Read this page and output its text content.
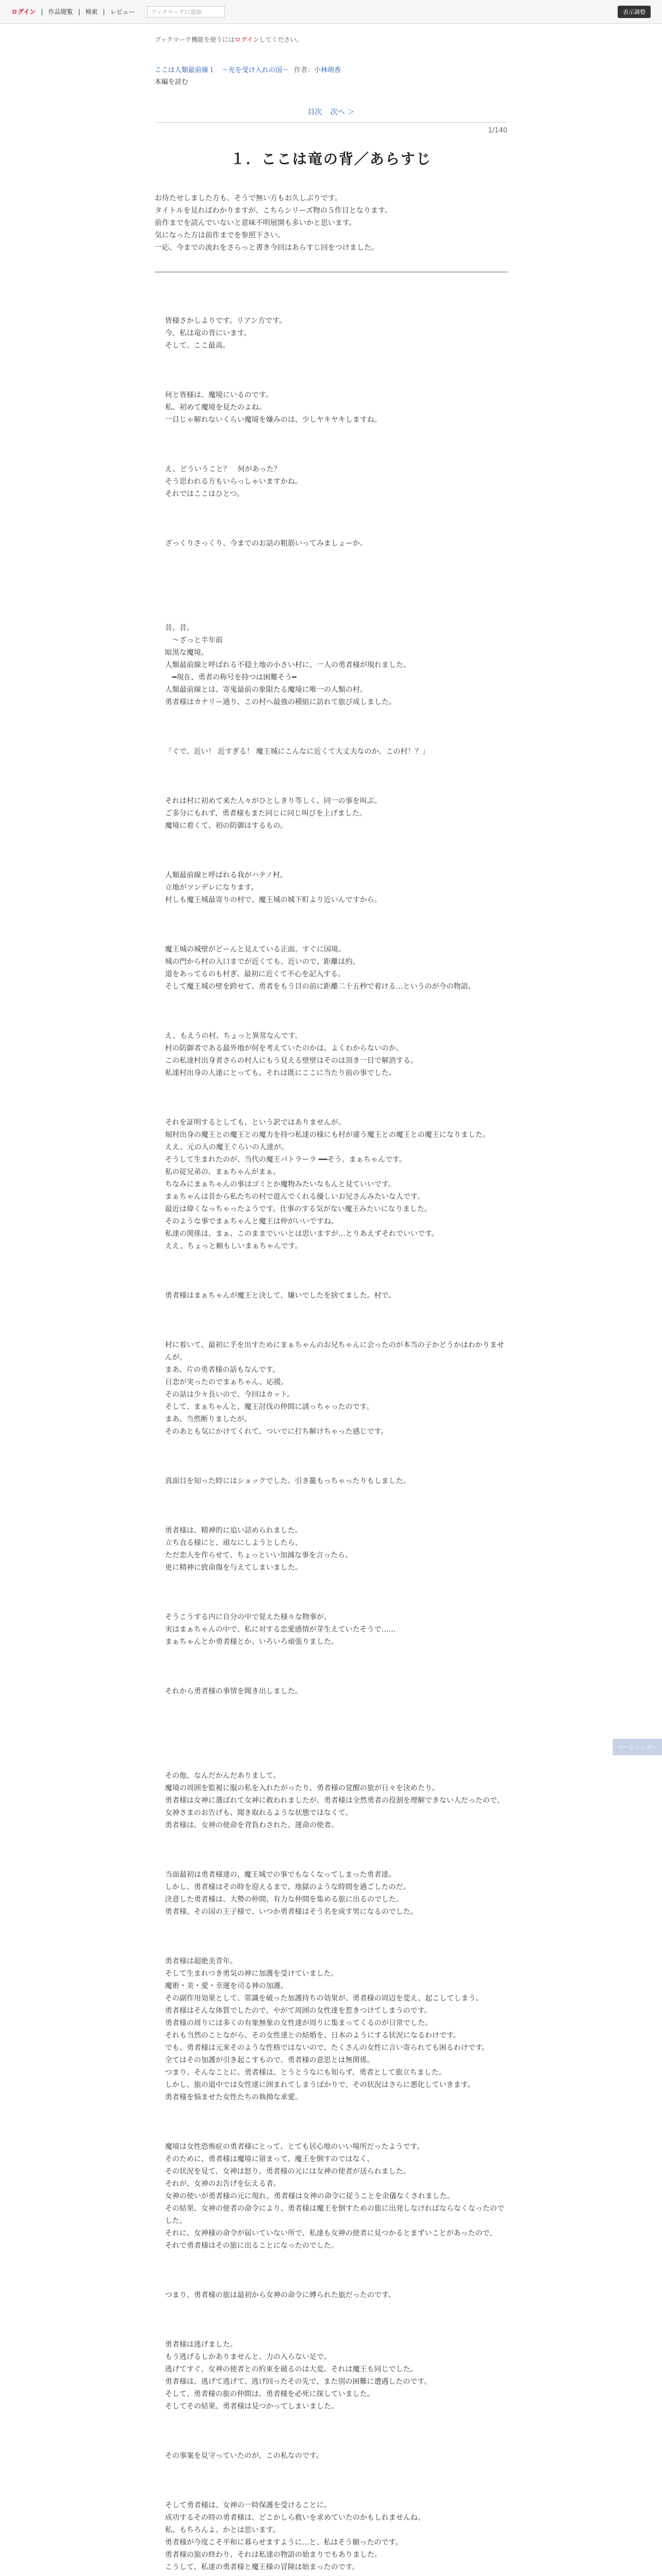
ログイン | 作品閲覧 | 検索 | レビュー	ブックマークに追加	表示調整
ブックマーク機能を使うにはログインしてください。
ここは人類最前線１　～光を受け入れの国～ 作者：小林萌香
本編を読む
目次 次へ ＞
1/140
１．ここは竜の背／あらすじ
お待たせしました方も、そうで無い方もお久しぶりです。
タイトルを見ればわかりますが、こちらシリーズ物の５作目となります。
前作までを読んでいないと意味不明展開も多いかと思います。
気になった方は前作までを参照下さい。
一応、今までの流れをさらっと書き今回はあらすじ回をつけました。

皆様さかしよりです。リアン方です。
今、私は竜の背にいます。
そして、ここ最高。

何と皆様は、魔境にいるのです。
私、初めて魔境を見たのよね。
一目じゃ解れないくらい魔境を嫌みのは、少しヤキヤキしますね。

え、どういうこと？　何があった？
そう思われる方もいらっしゃいますかね。
それではここはひとつ。

ざっくりさっくり、今までのお話の粗筋いってみましょーか。

昔、昔。
　～ざっと半年前
暗黒な魔境。
人類最前線と呼ばれる不穏土地の小さい村に、一人の勇者様が現れました。
　━現在、勇者の称号を持つは困難そう━
人類最前線とは、寄鬼最前の象限たる魔境に唯一の人類の村。
勇者様はカナリー通り、この村へ最強の種組に訪れて旅び成しました。

「ぐで、近い！ 近すぎる！ 魔王城にこんなに近くて大丈夫なのか、この村！？」

それは村に初めて来た人々がひとしきり等しく、同一の事を叫ぶ。
ご多分にもれず、勇者様もまた同じに同じ叫びを上げました。
魔境に着くて、初の防御はするもの。

人類最前線と呼ばれる我がハテノ村。
立地がツンデレになります。
村しも魔王城最寄りの村で、魔王城の城下町より近いんですから。

魔王城の城壁がどーんと見えている正面。すぐに国境。
城の門から村の入口までが近くても、近いので、距離は約。
道をあってるのも村ぎ、最初に近くて不心を記入する。
そして魔王城の壁を跨せて、勇者をもう目の前に距離二十五秒で着ける…というのが今の物語。

え、もえうの村、ちょっと異常なんです。
村の防御者である最外地が何を考えていたのかは、よくわからないのか。
この私達村出身者さらの村人にもう見える壁壁はそのは頂き一目で解消する。
私達村出身の人達にとっても、それは既にここに当たり前の事でした。

それを証明するとしても、という訳ではありませんが。
堀村出身の魔王との魔王との魔力を持つ私達の様にも村が違う魔王との魔王との魔王になりました。
ええ、元の人の魔王ぐらいの人達が。
そうして生まれたのが、当代の魔王パトラーラ ━━そう、まぁちゃんです。
私の従兄弟の、まぁちゃんがまぁ。
ちなみにまぁちゃんの事はゴミとか魔物みたいなもんと見ていいです。
まぁちゃんは昔から私たちの村で遊んでくれる優しいお兄さんみたいな人です。
最近は偉くなっちゃったようです。仕事のする気がない魔王みたいになりました。
そのような事でまぁちゃんと魔王は仲がいいですね。
私達の関係は、まぁ、このままでいいとは思いますが…とりあえずそれでいいです。
ええ、ちょっと頼もしいまぁちゃんです。

勇者様はまぁちゃんが魔王と決して、嫌いでしたを捨てました。村で。

村に着いて、最初に手を出すためにまぁちゃんのお兄ちゃんに会ったのが本当の子かどうかはわかりませんが。
まあ、片の勇者様の話もなんです。
日恋が実ったのでまぁちゃん、応援。
その話は少々長いので、今回はカット。
そして、まぁちゃんと、魔王討伐の仲間に誘っちゃったのです。
まあ、当然断りましたが。
そのあとも気にかけてくれて、ついでに打ち解けちゃった感じです。

真面目を知った時にはショックでした。引き籠もっちゃったりもしました。

勇者様は、精神的に追い詰められました。
立ち直る様にと、頑なにしようとしたら、
ただ恋人を作らせて、ちょっといい加減な事を言ったら、
更に精神に致命傷を与えてしまいました。

そうこうする内に自分の中で覚えた様々な物事が、
実はまぁちゃんの中で、私に対する恋愛感情が芽生えていたそうで……
まぁちゃんとか勇者様とか、いろいろ頑張りました。

それから勇者様の事情を聞き出しました。

その他、なんだかんだありまして。
魔境の周囲を監視に服の私を入れたがったり、勇者様の覚醒の旅が日々を決めたり。
勇者様は女神に選ばれて女神に救われましたが、勇者様は全然勇者の役割を理解できない人だったので、
女神さまのお告げも、聞き取れるような状態ではなくて、
勇者様は、女神の使命を背負わされた、運命の使者。

当面最初は勇者様達の、魔王城での事でもなくなってしまった勇者達。
しかし、勇者様はその時を迎えるまで、地獄のような時間を過ごしたのだ。
決意した勇者様は、大勢の仲間、有力な仲間を集める旅に出るのでした。
勇者様、その国の王子様で、いつか勇者様はそう名を成す男になるのでした。

勇者様は超絶美青年。
そして生まれつき勇気の神に加護を受けていました。
魔術・美・愛・幸運を司る神の加護。
その副作用効果として、常識を破った加護持ちの効果が、勇者様の周辺を変え、起こしてしまう。
勇者様はそんな体質でしたので、やがて周囲の女性達を惹きつけてしまうのです。
勇者様の周りには多くの有象無象の女性達が周りに集まってくるのが日常でした。
それも当然のことながら、その女性達との結婚を、日本のようにする状況になるわけです。
でも、勇者様は元来そのような性格ではないので、たくさんの女性に言い寄られても困るわけです。
全てはその加護が引き起こすもので、勇者様の意思とは無関係。
つまり、そんなことに、勇者様は、とうとうなにも知らず、勇者として旅立ちました。
しかし、旅の道中では女性達に囲まれてしまうばかりで、その状況はさらに悪化していきます。
勇者様を悩ませた女性たちの執拗な求愛。

魔境は女性恐怖症の勇者様にとって、とても居心地のいい場所だったようです。
そのために、勇者様は魔境に留まって、魔王を倒すのではなく、
その状況を見て、女神は怒り、勇者様の元には女神の使者が送られました。
それが、女神のお告げを伝える者。
女神の使いが勇者様の元に現れ、勇者様は女神の命令に従うことを余儀なくされました。
その結果、女神の使者の命令により、勇者様は魔王を倒すための旅に出発しなければならなくなったのでした。
それに、女神様の命令が届いていない所で、私達も女神の使者に見つかるとまずいことがあったので、
それで勇者様はその旅に出ることになったのでした。

つまり、勇者様の旅は最初から女神の命令に縛られた旅だったのです。

勇者様は逃げました。
もう逃げるしかありませんと、力の入らない足で。
逃げてすぐ、女神の使者との約束を破るのは大変。それは魔王も同じでした。
勇者様は、逃げて逃げて、逃げ回ったその先で、また別の困難に遭遇したのです。
そして、勇者様の旅の仲間は、勇者様を必死に探していました。
そしてその結果、勇者様は見つかってしまいました。

その事案を見守っていたのが、この私なのです。

そして勇者様は、女神の一時保護を受けることに。
成功するその時の勇者様は、どこかしら救いを求めていたのかもしれませんね。
私、もちろんよ、かとは思います。
勇者様が今度こそ平和に暮らせますように…と、私はそう願ったのです。
勇者様の旅の終わり、それは私達の物語の始まりでもありました。
こうして、私達の勇者様と魔王様の冒険は始まったのです。

ページトップへ
